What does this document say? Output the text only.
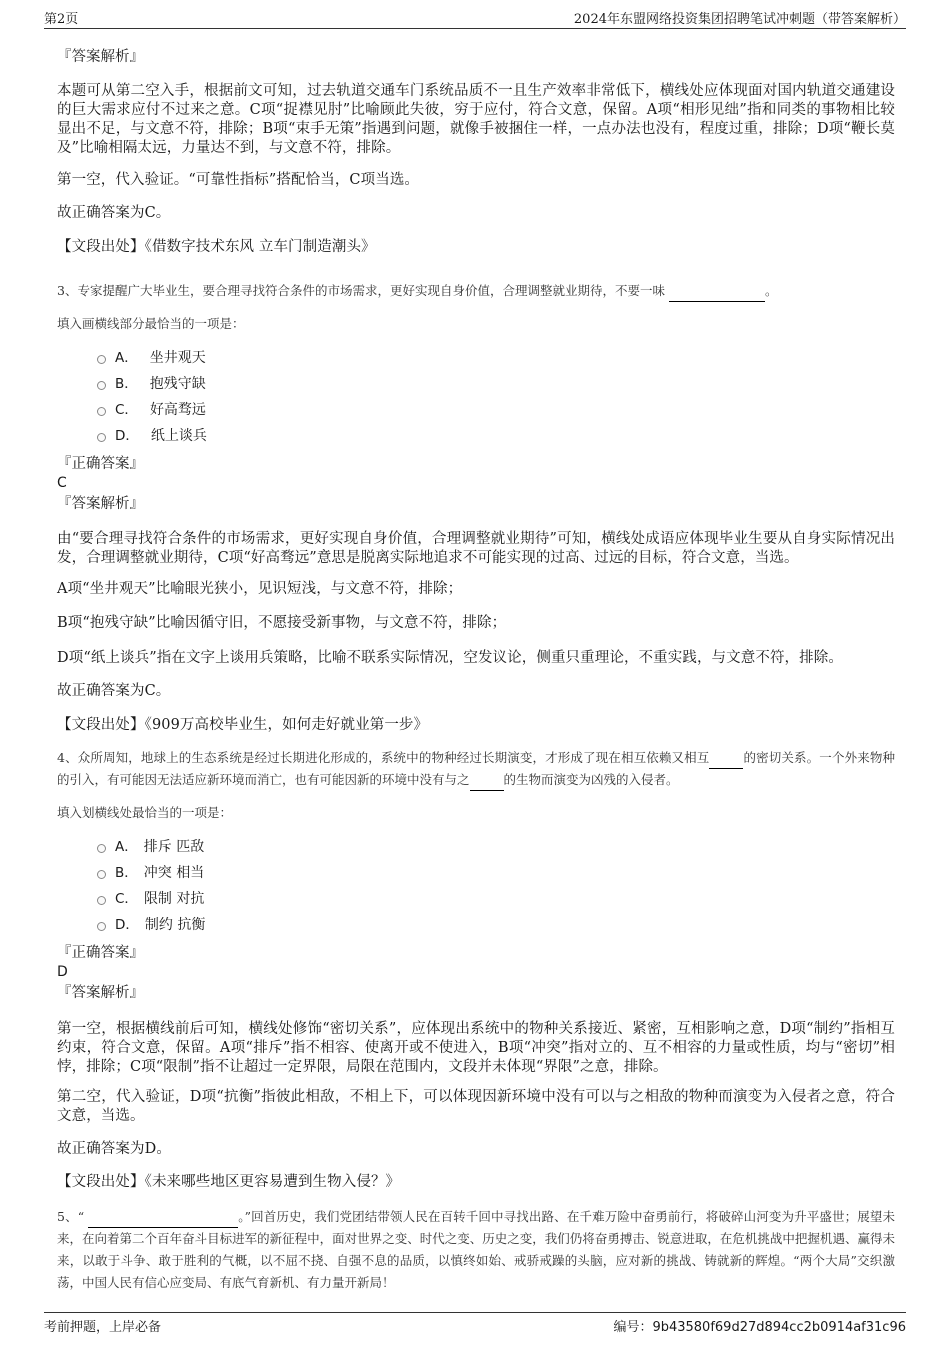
第2页	2024年东盟网络投资集团招聘笔试冲刺题（带答案解析）
『答案解析』
本题可从第二空入手，根据前文可知，过去轨道交通车门系统品质不一且生产效率非常低下，横线处应体现面对国内轨道交通建设的巨大需求应付不过来之意。C项“捉襟见肘”比喻顾此失彼，穷于应付，符合文意，保留。A项“相形见绌”指和同类的事物相比较显出不足，与文意不符，排除；B项“束手无策”指遇到问题，就像手被捆住一样，一点办法也没有，程度过重，排除；D项“鞭长莫及”比喻相隔太远，力量达不到，与文意不符，排除。
第一空，代入验证。“可靠性指标”搭配恰当，C项当选。
故正确答案为C。
【文段出处】《借数字技术东风 立车门制造潮头》
3、专家提醒广大毕业生，要合理寻找符合条件的市场需求，更好实现自身价值，合理调整就业期待，不要一味	。
填入画横线部分最恰当的一项是：
A． 坐井观天
B． 抱残守缺
C． 好高骛远
D． 纸上谈兵
『正确答案』
C
『答案解析』
由“要合理寻找符合条件的市场需求，更好实现自身价值，合理调整就业期待”可知，横线处成语应体现毕业生要从自身实际情况出发，合理调整就业期待，C项“好高骛远”意思是脱离实际地追求不可能实现的过高、过远的目标，符合文意，当选。
A项“坐井观天”比喻眼光狭小，见识短浅，与文意不符，排除；
B项“抱残守缺”比喻因循守旧，不愿接受新事物，与文意不符，排除；
D项“纸上谈兵”指在文字上谈用兵策略，比喻不联系实际情况，空发议论，侧重只重理论，不重实践，与文意不符，排除。
故正确答案为C。
【文段出处】《909万高校毕业生，如何走好就业第一步》
4、众所周知，地球上的生态系统是经过长期进化形成的，系统中的物种经过长期演变，才形成了现在相互依赖又相互	的密切关系。一个外来物种的引入，有可能因无法适应新环境而消亡，也有可能因新的环境中没有与之	的生物而演变为凶残的入侵者。
填入划横线处最恰当的一项是：
A． 排斥 匹敌
B． 冲突 相当
C． 限制 对抗
D． 制约 抗衡
『正确答案』
D
『答案解析』
第一空，根据横线前后可知，横线处修饰“密切关系”，应体现出系统中的物种关系接近、紧密，互相影响之意，D项“制约”指相互约束，符合文意，保留。A项“排斥”指不相容、使离开或不使进入，B项“冲突”指对立的、互不相容的力量或性质，均与“密切”相悖，排除；C项“限制”指不让超过一定界限，局限在范围内，文段并未体现“界限”之意，排除。
第二空，代入验证，D项“抗衡”指彼此相敌，不相上下，可以体现因新环境中没有可以与之相敌的物种而演变为入侵者之意，符合文意，当选。
故正确答案为D。
【文段出处】《未来哪些地区更容易遭到生物入侵？》
5、“	。”回首历史，我们党团结带领人民在百转千回中寻找出路、在千难万险中奋勇前行，将破碎山河变为升平盛世；展望未来，在向着第二个百年奋斗目标进军的新征程中，面对世界之变、时代之变、历史之变，我们仍将奋勇搏击、锐意进取，在危机挑战中把握机遇、赢得未来，以敢于斗争、敢于胜利的气概，以不屈不挠、自强不息的品质，以慎终如始、戒骄戒躁的头脑，应对新的挑战、铸就新的辉煌。“两个大局”交织激荡，中国人民有信心应变局、有底气育新机、有力量开新局！
考前押题，上岸必备	编号：9b43580f69d27d894cc2b0914af31c96
